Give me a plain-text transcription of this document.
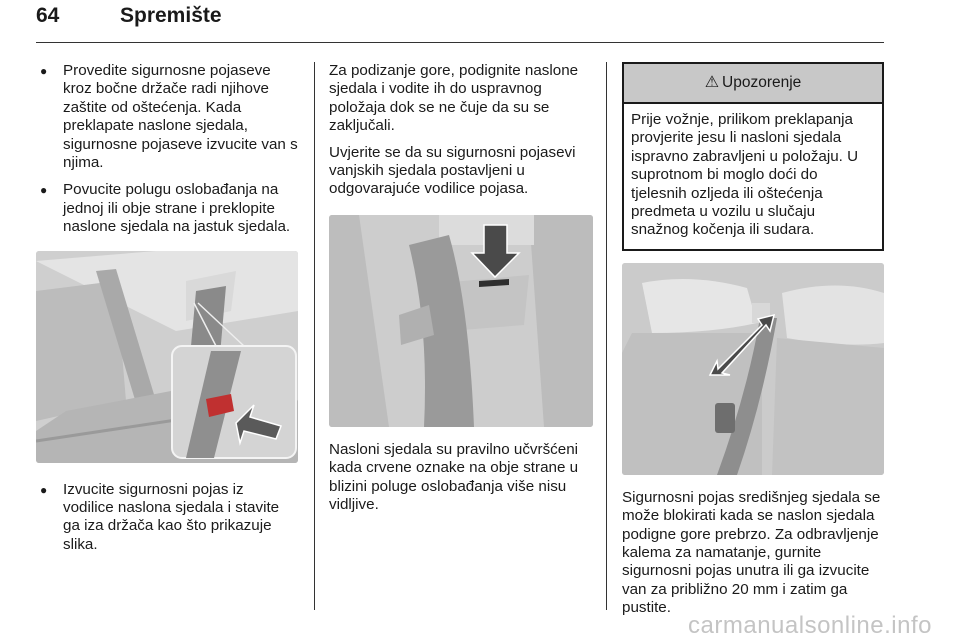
64	Spremište
● Provedite sigurnosne pojaseve kroz bočne držače radi njihove zaštite od oštećenja. Kada preklapate naslone sjedala, sigurnosne pojaseve izvucite van s njima.
● Povucite polugu oslobađanja na jednoj ili obje strane i preklopite naslone sjedala na jastuk sjedala.
● Izvucite sigurnosni pojas iz vodilice naslona sjedala i stavite ga iza držača kao što prikazuje slika.

Za podizanje gore, podignite naslone sjedala i vodite ih do uspravnog položaja dok se ne čuje da su se zaključali.

Uvjerite se da su sigurnosni pojasevi vanjskih sjedala postavljeni u odgovarajuće vodilice pojasa.

Nasloni sjedala su pravilno učvršćeni kada crvene oznake na obje strane u blizini poluge oslobađanja više nisu vidljive.

⚠ Upozorenje
Prije vožnje, prilikom preklapanja provjerite jesu li nasloni sjedala ispravno zabravljeni u položaju. U suprotnom bi moglo doći do tjelesnih ozljeda ili oštećenja predmeta u vozilu u slučaju snažnog kočenja ili sudara.

Sigurnosni pojas središnjeg sjedala se može blokirati kada se naslon sjedala podigne gore prebrzo. Za odbravljenje kalema za namatanje, gurnite sigurnosni pojas unutra ili ga izvucite van za približno 20 mm i zatim ga pustite.

carmanualsonline.info
